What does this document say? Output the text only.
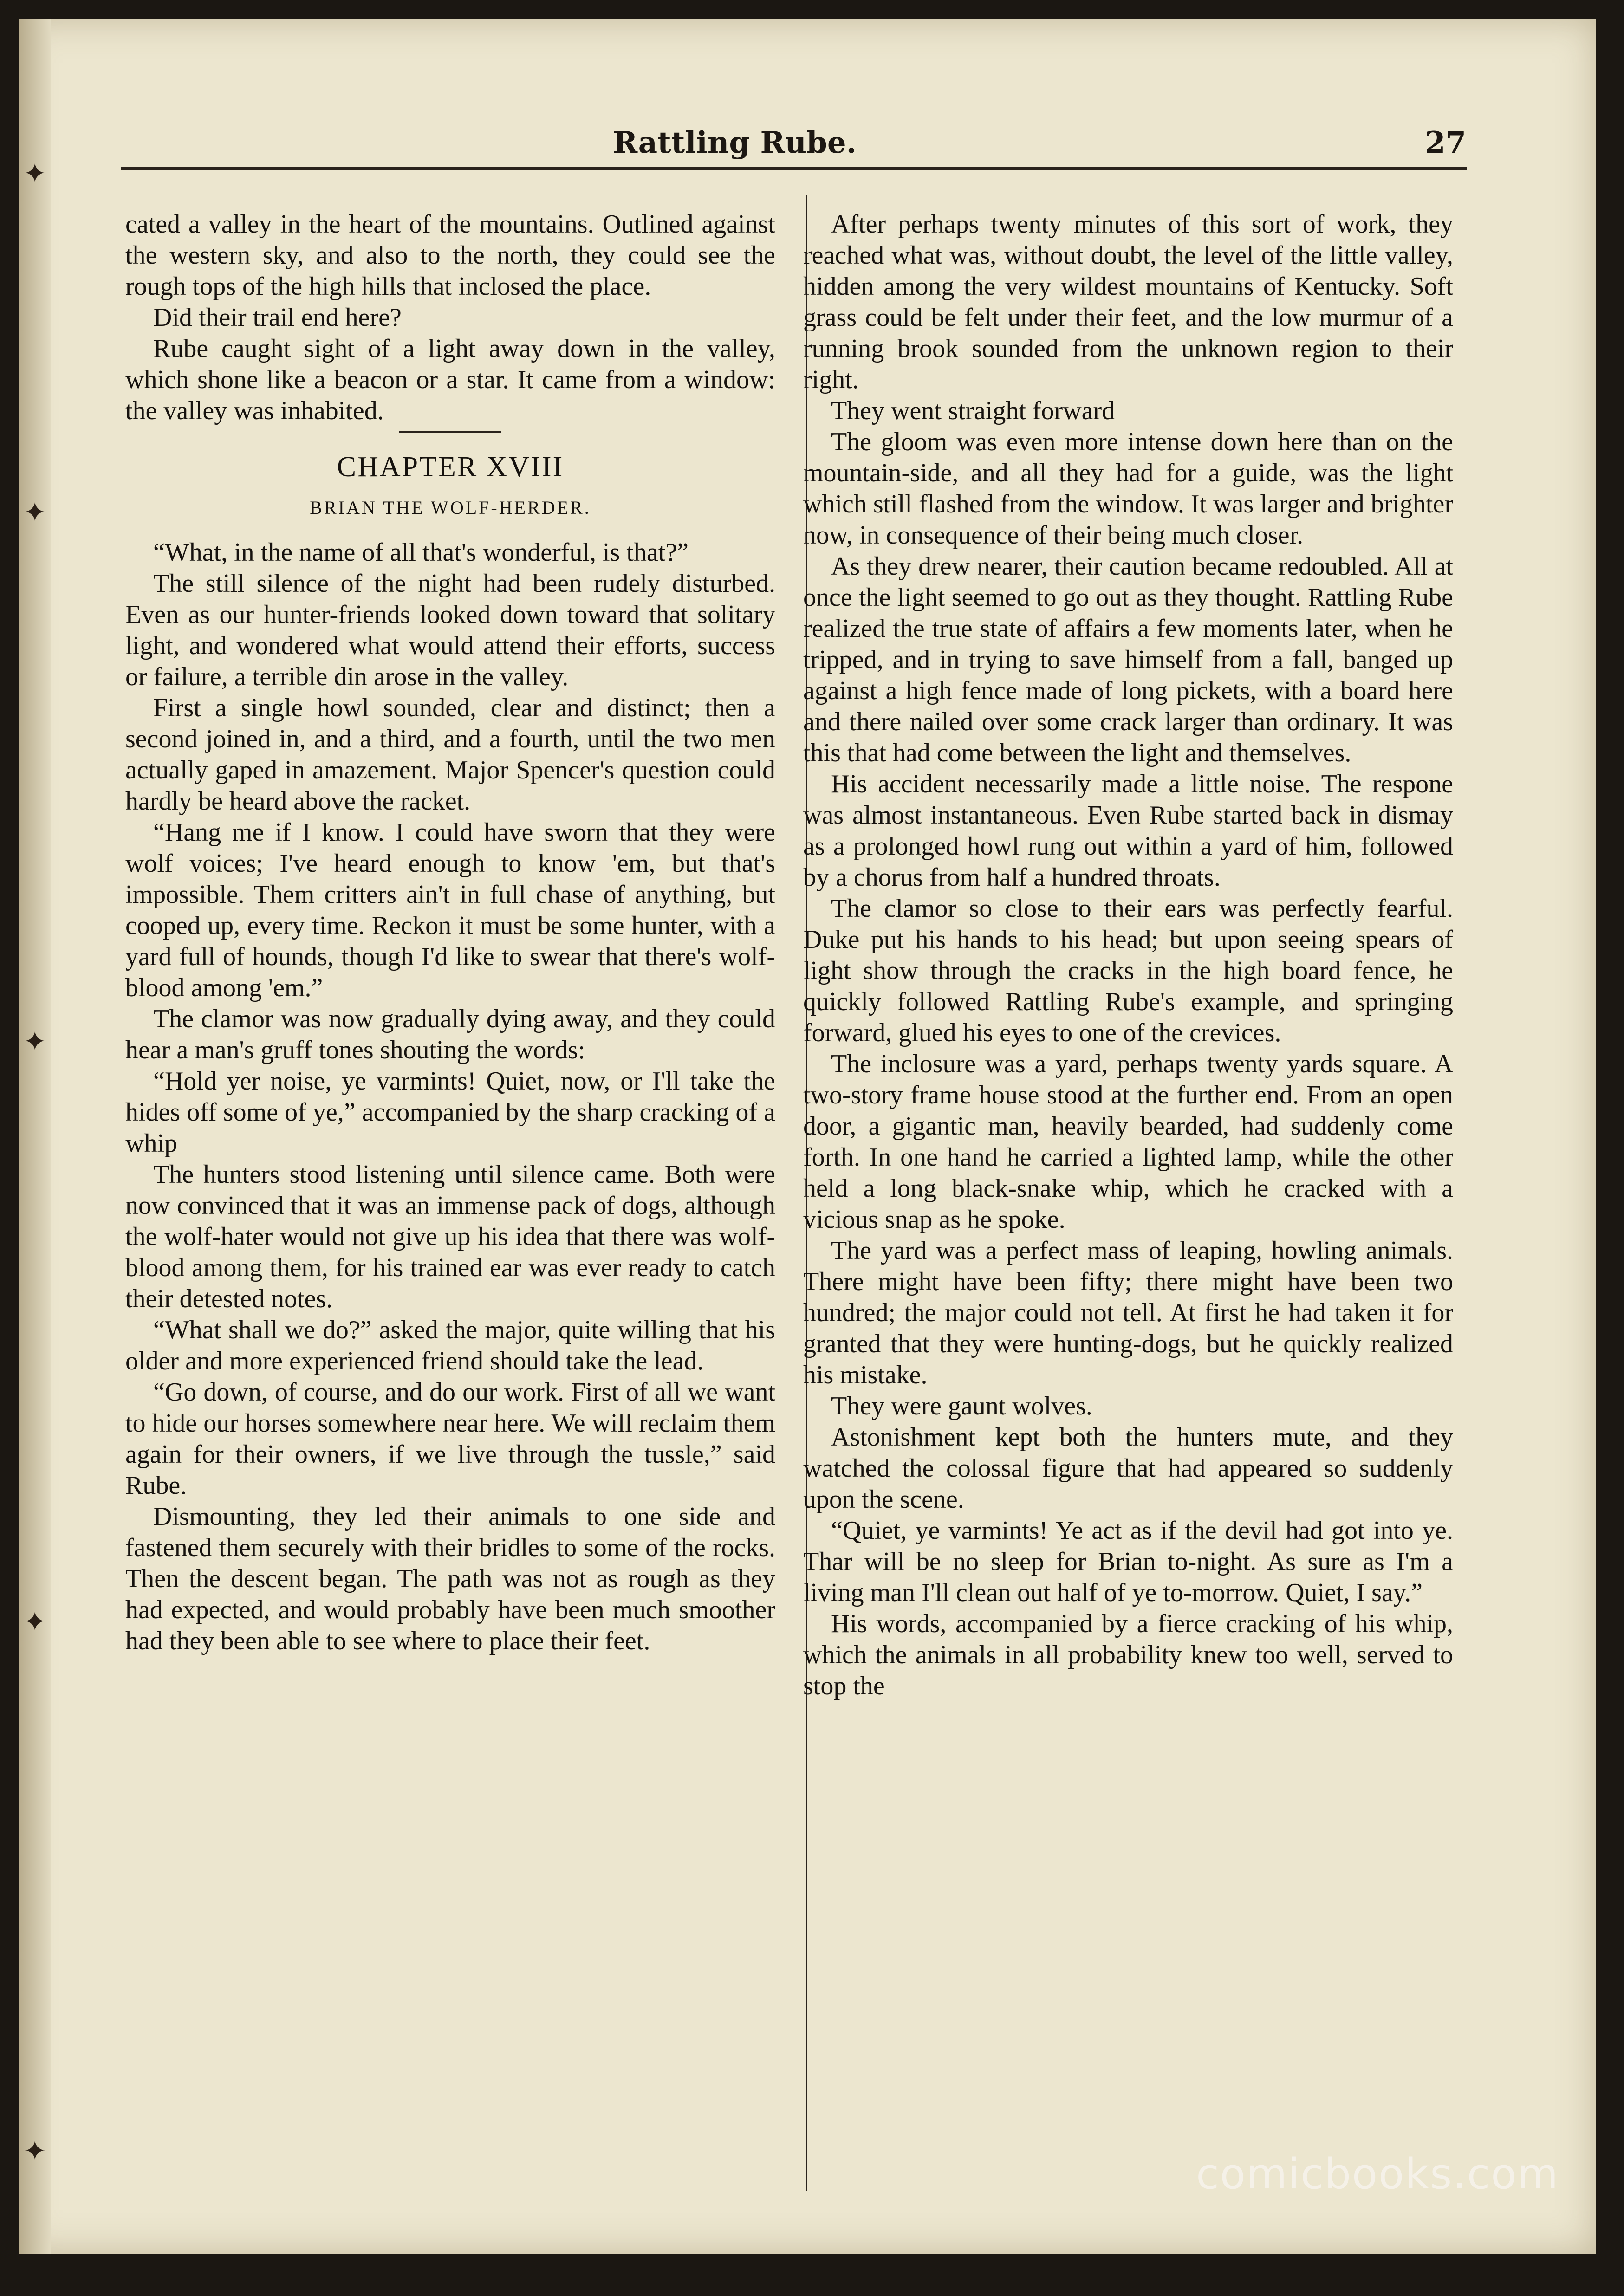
✦
✦
✦
✦
✦
Rattling Rube.	27

cated a valley in the heart of the mountains. Outlined against the western sky, and also to the north, they could see the rough tops of the high hills that inclosed the place.

Did their trail end here?

Rube caught sight of a light away down in the valley, which shone like a beacon or a star. It came from a window: the valley was inhabited.

CHAPTER XVIII
BRIAN THE WOLF-HERDER.

“What, in the name of all that's wonderful, is that?”

The still silence of the night had been rudely disturbed. Even as our hunter-friends looked down toward that solitary light, and wondered what would attend their efforts, success or failure, a terrible din arose in the valley.

First a single howl sounded, clear and distinct; then a second joined in, and a third, and a fourth, until the two men actually gaped in amazement. Major Spencer's question could hardly be heard above the racket.

“Hang me if I know. I could have sworn that they were wolf voices; I've heard enough to know 'em, but that's impossible. Them critters ain't in full chase of anything, but cooped up, every time. Reckon it must be some hunter, with a yard full of hounds, though I'd like to swear that there's wolf-blood among 'em.”

The clamor was now gradually dying away, and they could hear a man's gruff tones shouting the words:

“Hold yer noise, ye varmints! Quiet, now, or I'll take the hides off some of ye,” accompanied by the sharp cracking of a whip

The hunters stood listening until silence came. Both were now convinced that it was an immense pack of dogs, although the wolf-hater would not give up his idea that there was wolf-blood among them, for his trained ear was ever ready to catch their detested notes.

“What shall we do?” asked the major, quite willing that his older and more experienced friend should take the lead.

“Go down, of course, and do our work. First of all we want to hide our horses somewhere near here. We will reclaim them again for their owners, if we live through the tussle,” said Rube.

Dismounting, they led their animals to one side and fastened them securely with their bridles to some of the rocks. Then the descent began. The path was not as rough as they had expected, and would probably have been much smoother had they been able to see where to place their feet.

After perhaps twenty minutes of this sort of work, they reached what was, without doubt, the level of the little valley, hidden among the very wildest mountains of Kentucky. Soft grass could be felt under their feet, and the low murmur of a running brook sounded from the unknown region to their right.

They went straight forward

The gloom was even more intense down here than on the mountain-side, and all they had for a guide, was the light which still flashed from the window. It was larger and brighter now, in consequence of their being much closer.

As they drew nearer, their caution became redoubled. All at once the light seemed to go out as they thought. Rattling Rube realized the true state of affairs a few moments later, when he tripped, and in trying to save himself from a fall, banged up against a high fence made of long pickets, with a board here and there nailed over some crack larger than ordinary. It was this that had come between the light and themselves.

His accident necessarily made a little noise. The respone was almost instantaneous. Even Rube started back in dismay as a prolonged howl rung out within a yard of him, followed by a chorus from half a hundred throats.

The clamor so close to their ears was perfectly fearful. Duke put his hands to his head; but upon seeing spears of light show through the cracks in the high board fence, he quickly followed Rattling Rube's example, and springing forward, glued his eyes to one of the crevices.

The inclosure was a yard, perhaps twenty yards square. A two-story frame house stood at the further end. From an open door, a gigantic man, heavily bearded, had suddenly come forth. In one hand he carried a lighted lamp, while the other held a long black-snake whip, which he cracked with a vicious snap as he spoke.

The yard was a perfect mass of leaping, howling animals. There might have been fifty; there might have been two hundred; the major could not tell. At first he had taken it for granted that they were hunting-dogs, but he quickly realized his mistake.

They were gaunt wolves.

Astonishment kept both the hunters mute, and they watched the colossal figure that had appeared so suddenly upon the scene.

“Quiet, ye varmints! Ye act as if the devil had got into ye. Thar will be no sleep for Brian to-night. As sure as I'm a living man I'll clean out half of ye to-morrow. Quiet, I say.”

His words, accompanied by a fierce cracking of his whip, which the animals in all probability knew too well, served to stop the

comicbooks.com
